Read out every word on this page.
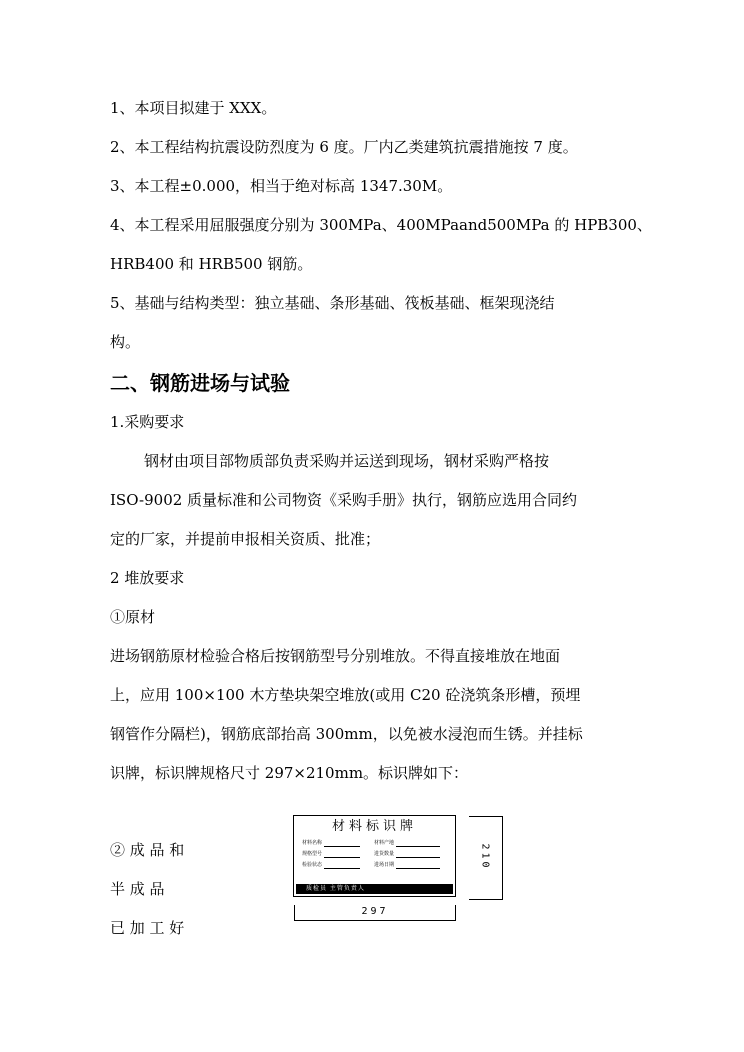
1、本项目拟建于 XXX。

2、本工程结构抗震设防烈度为 6 度。厂内乙类建筑抗震措施按 7 度。

3、本工程±0.000，相当于绝对标高 1347.30M。

4、本工程采用屈服强度分别为 300MPa、400MPaand500MPa 的 HPB300、

HRB400 和 HRB500 钢筋。

5、基础与结构类型：独立基础、条形基础、筏板基础、框架现浇结

构。

二、钢筋进场与试验

1.采购要求

钢材由项目部物质部负责采购并运送到现场，钢材采购严格按

ISO-9002 质量标准和公司物资《采购手册》执行，钢筋应选用合同约

定的厂家，并提前申报相关资质、批准；

2 堆放要求

①原材

进场钢筋原材检验合格后按钢筋型号分别堆放。不得直接堆放在地面

上，应用 100×100 木方垫块架空堆放(或用 C20 砼浇筑条形槽，预埋

钢管作分隔栏)，钢筋底部抬高 300mm，以免被水浸泡而生锈。并挂标

识牌，标识牌规格尺寸 297×210mm。标识牌如下：

② 成 品 和

半 成 品

已 加 工 好

材料标识牌
材料名称
规格型号
检验状态
材料产地
进货数量
进场日期
质检员 主管负责人
210
297
